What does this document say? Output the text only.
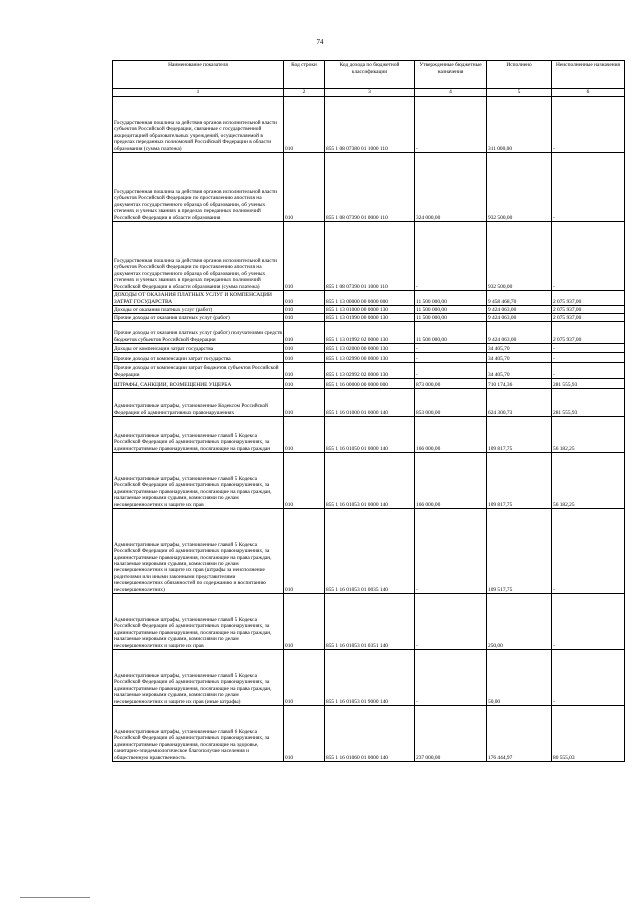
74
Наименование показателя	Код строки	Код дохода по бюджетной классификации	Утвержденные бюджетные назначения	Исполнено	Неисполненные назначения
1	2	3	4	5	6
Государственная пошлина за действия органов исполнительной власти субъектов Российской Федерации, связанные с государственной аккредитацией образовательных учреждений, осуществляемой в пределах переданных полномочий Российской Федерации в области образования (сумма платежа)	010	855 1 08 07380 01 1000 110	-	311 000,00	-
Государственная пошлина за действия органов исполнительной власти субъектов Российской Федерации по проставлению апостиля на документах государственного образца об образовании, об ученых степенях и ученых званиях в пределах переданных полномочий Российской Федерации в области образования	010	855 1 08 07390 01 0000 110	324 000,00	932 500,00	-
Государственная пошлина за действия органов исполнительной власти субъектов Российской Федерации по проставлению апостиля на документах государственного образца об образовании, об ученых степенях и ученых званиях в пределах переданных полномочий Российской Федерации в области образования (сумма платежа)	010	855 1 08 07390 01 1000 110	-	932 500,00	-
ДОХОДЫ ОТ ОКАЗАНИЯ ПЛАТНЫХ УСЛУГ И КОМПЕНСАЦИИ ЗАТРАТ ГОСУДАРСТВА	010	855 1 13 00000 00 0000 000	11 500 000,00	9 458 468,70	2 075 937,00
Доходы от оказания платных услуг (работ)	010	855 1 13 01000 00 0000 130	11 500 000,00	9 424 063,00	2 075 937,00
Прочие доходы от оказания платных услуг (работ)	010	855 1 13 01990 00 0000 130	11 500 000,00	9 424 063,00	2 075 937,00
Прочие доходы от оказания платных услуг (работ) получателями средств бюджетов субъектов Российской Федерации	010	855 1 13 01992 02 0000 130	11 500 000,00	9 424 063,00	2 075 937,00
Доходы от компенсации затрат государства	010	855 1 13 02000 00 0000 130	-	34 405,70	-
Прочие доходы от компенсации затрат государства	010	855 1 13 02990 00 0000 130	-	34 405,70	-
Прочие доходы от компенсации затрат бюджетов субъектов Российской Федерации	010	855 1 13 02992 02 0000 130	-	34 405,70	-
ШТРАФЫ, САНКЦИИ, ВОЗМЕЩЕНИЕ УЩЕРБА	010	855 1 16 00000 00 0000 000	873 000,00	710 174,36	281 555,93
Административные штрафы, установленные Кодексом Российской Федерации об административных правонарушениях	010	855 1 16 01000 01 0000 140	853 000,00	624 300,73	281 555,93
Административные штрафы, установленные главой 5 Кодекса Российской Федерации об административных правонарушениях, за административные правонарушения, посягающие на права граждан	010	855 1 16 01050 01 0000 140	166 000,00	109 817,75	56 182,25
Административные штрафы, установленные главой 5 Кодекса Российской Федерации об административных правонарушениях, за административные правонарушения, посягающие на права граждан, налагаемые мировыми судьями, комиссиями по делам несовершеннолетних и защите их прав	010	855 1 16 01053 01 0000 140	166 000,00	109 817,75	56 182,25
Административные штрафы, установленные главой 5 Кодекса Российской Федерации об административных правонарушениях, за административные правонарушения, посягающие на права граждан, налагаемые мировыми судьями, комиссиями по делам несовершеннолетних и защите их прав (штрафы за неисполнение родителями или иными законными представителями несовершеннолетних обязанностей по содержанию и воспитанию несовершеннолетних)	010	855 1 16 01053 01 0035 140	-	109 517,75	-
Административные штрафы, установленные главой 5 Кодекса Российской Федерации об административных правонарушениях, за административные правонарушения, посягающие на права граждан, налагаемые мировыми судьями, комиссиями по делам несовершеннолетних и защите их прав	010	855 1 16 01053 01 0351 140	-	250,00	-
Административные штрафы, установленные главой 5 Кодекса Российской Федерации об административных правонарушениях, за административные правонарушения, посягающие на права граждан, налагаемые мировыми судьями, комиссиями по делам несовершеннолетних и защите их прав (иные штрафы)	010	855 1 16 01053 01 9000 140	-	50,00	-
Административные штрафы, установленные главой 6 Кодекса Российской Федерации об административных правонарушениях, за административные правонарушения, посягающие на здоровье, санитарно-эпидемиологическое благополучие населения и общественную нравственность	010	855 1 16 01060 01 0000 140	237 000,00	176 444,97	80 555,03
